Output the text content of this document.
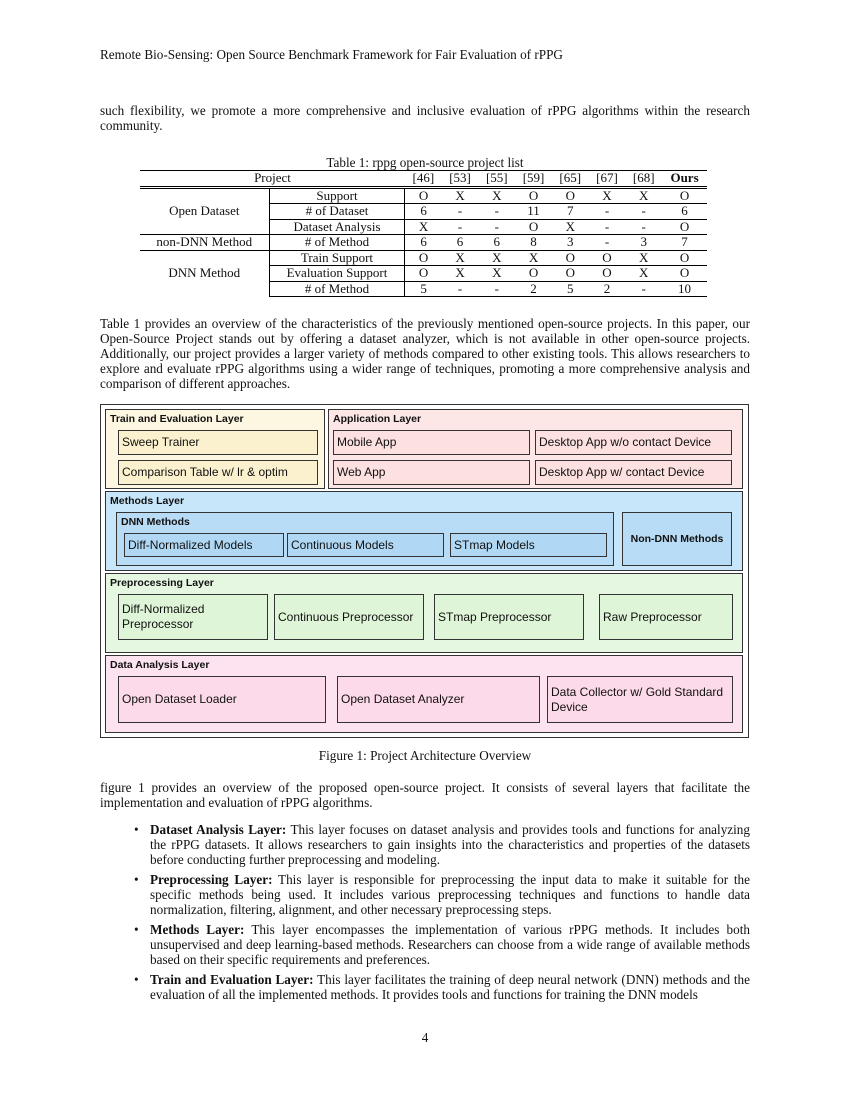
Remote Bio-Sensing: Open Source Benchmark Framework for Fair Evaluation of rPPG
such flexibility, we promote a more comprehensive and inclusive evaluation of rPPG algorithms within the research community.
Table 1: rppg open-source project list
Project		[46]	[53]	[55]	[59]	[65]	[67]	[68]	Ours
Open Dataset	Support	O	X	X	O	O	X	X	O
	# of Dataset	6	-	-	11	7	-	-	6
	Dataset Analysis	X	-	-	O	X	-	-	O
non-DNN Method	# of Method	6	6	6	8	3	-	3	7
DNN Method	Train Support	O	X	X	X	O	O	X	O
	Evaluation Support	O	X	X	O	O	O	X	O
	# of Method	5	-	-	2	5	2	-	10
Table 1 provides an overview of the characteristics of the previously mentioned open-source projects. In this paper, our Open-Source Project stands out by offering a dataset analyzer, which is not available in other open-source projects. Additionally, our project provides a larger variety of methods compared to other existing tools. This allows researchers to explore and evaluate rPPG algorithms using a wider range of techniques, promoting a more comprehensive analysis and comparison of different approaches.
Train and Evaluation Layer
Sweep Trainer
Comparison Table w/ lr & optim
Application Layer
Mobile App	Desktop App w/o contact Device
Web App	Desktop App w/ contact Device
Methods Layer
DNN Methods
Diff-Normalized Models	Continuous Models	STmap Models	Non-DNN Methods
Preprocessing Layer
Diff-Normalized Preprocessor
Continuous Preprocessor	STmap Preprocessor	Raw Preprocessor
Data Analysis Layer
Open Dataset Loader	Open Dataset Analyzer
Data Collector w/ Gold Standard Device
Figure 1: Project Architecture Overview
figure 1 provides an overview of the proposed open-source project. It consists of several layers that facilitate the implementation and evaluation of rPPG algorithms.
• Dataset Analysis Layer: This layer focuses on dataset analysis and provides tools and functions for analyzing the rPPG datasets. It allows researchers to gain insights into the characteristics and properties of the datasets before conducting further preprocessing and modeling.
• Preprocessing Layer: This layer is responsible for preprocessing the input data to make it suitable for the specific methods being used. It includes various preprocessing techniques and functions to handle data normalization, filtering, alignment, and other necessary preprocessing steps.
• Methods Layer: This layer encompasses the implementation of various rPPG methods. It includes both unsupervised and deep learning-based methods. Researchers can choose from a wide range of available methods based on their specific requirements and preferences.
• Train and Evaluation Layer: This layer facilitates the training of deep neural network (DNN) methods and the evaluation of all the implemented methods. It provides tools and functions for training the DNN models
4
